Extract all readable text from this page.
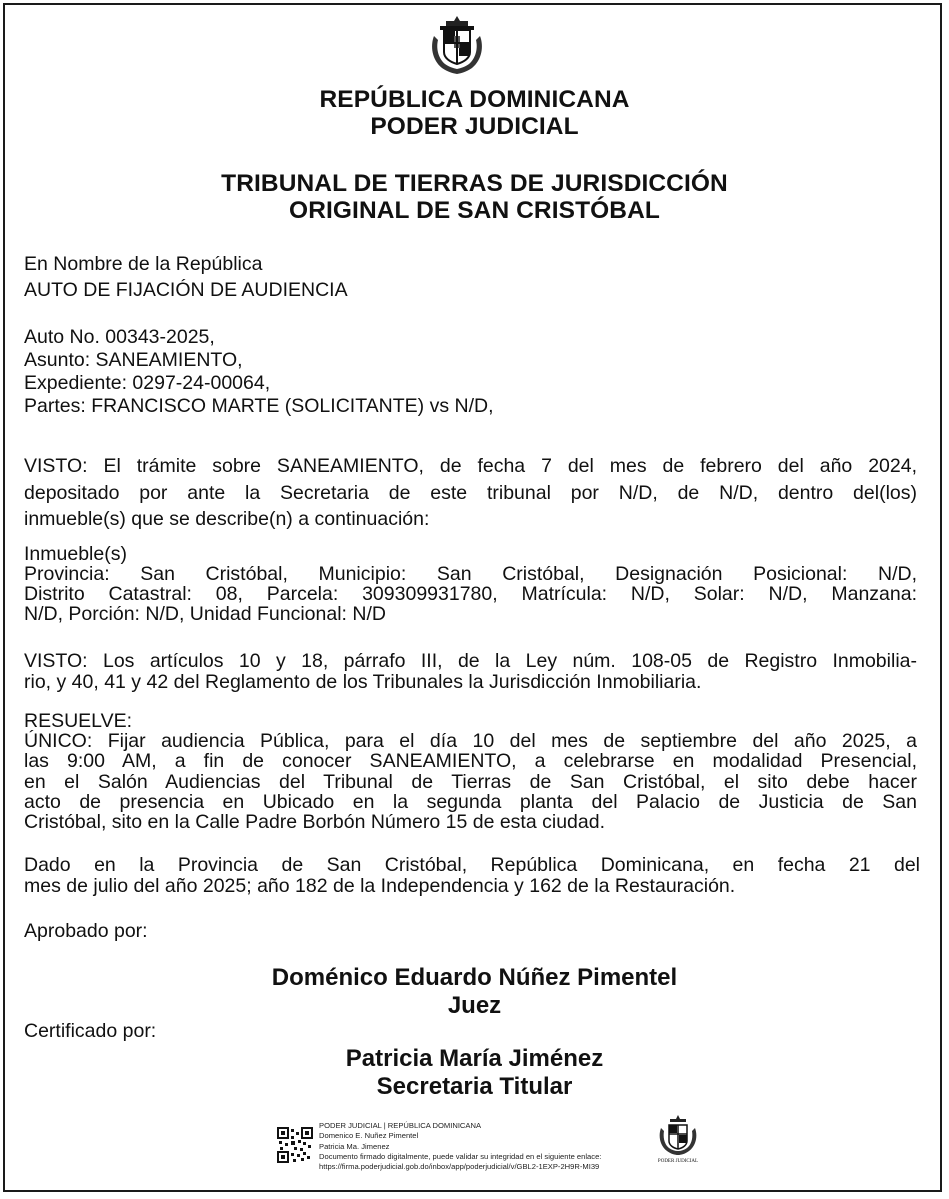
REPÚBLICA DOMINICANA
PODER JUDICIAL
TRIBUNAL DE TIERRAS DE JURISDICCIÓN
ORIGINAL DE SAN CRISTÓBAL
En Nombre de la República
AUTO DE FIJACIÓN DE AUDIENCIA
Auto No. 00343-2025,
Asunto: SANEAMIENTO,
Expediente: 0297-24-00064,
Partes: FRANCISCO MARTE (SOLICITANTE) vs N/D,
VISTO: El trámite sobre SANEAMIENTO, de fecha 7 del mes de febrero del año 2024,
depositado por ante la Secretaria de este tribunal por N/D, de N/D, dentro del(los)
inmueble(s) que se describe(n) a continuación:
Inmueble(s)
Provincia: San Cristóbal, Municipio: San Cristóbal, Designación Posicional: N/D,
Distrito Catastral: 08, Parcela: 309309931780, Matrícula: N/D, Solar: N/D, Manzana:
N/D, Porción: N/D, Unidad Funcional: N/D
VISTO: Los artículos 10 y 18, párrafo III, de la Ley núm. 108-05 de Registro Inmobilia-
rio, y 40, 41 y 42 del Reglamento de los Tribunales la Jurisdicción Inmobiliaria.
RESUELVE:
ÚNICO: Fijar audiencia Pública, para el día 10 del mes de septiembre del año 2025, a
las 9:00 AM, a fin de conocer SANEAMIENTO, a celebrarse en modalidad Presencial,
en el Salón Audiencias del Tribunal de Tierras de San Cristóbal, el sito debe hacer
acto de presencia en Ubicado en la segunda planta del Palacio de Justicia de San
Cristóbal, sito en la Calle Padre Borbón Número 15 de esta ciudad.
Dado en la Provincia de San Cristóbal, República Dominicana, en fecha 21 del
mes de julio del año 2025; año 182 de la Independencia y 162 de la Restauración.
Aprobado por:
Doménico Eduardo Núñez Pimentel
Juez
Certificado por:
Patricia María Jiménez
Secretaria Titular
PODER JUDICIAL | REPÚBLICA DOMINICANA
Domenico E. Nuñez Pimentel
Patricia Ma. Jimenez
Documento firmado digitalmente, puede validar su integridad en el siguiente enlace:
https://firma.poderjudicial.gob.do/inbox/app/poderjudicial/v/GBL2-1EXP-2H9R-MI39
PODER JUDICIAL
